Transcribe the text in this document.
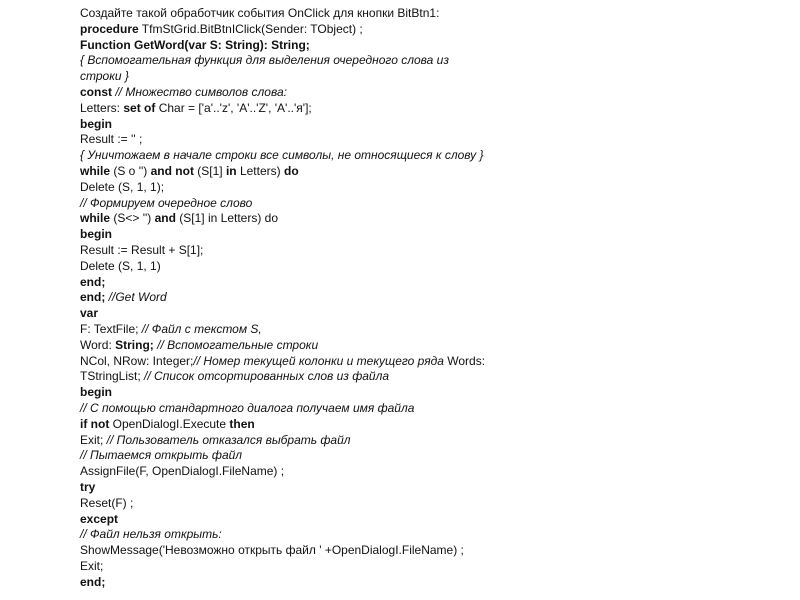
Создайте такой обработчик события OnClick для кнопки BitBtn1:
procedure TfmStGrid.BitBtnIClick(Sender: TObject) ;
Function GetWord(var S: String): String;
{ Вспомогательная функция для выделения очередного слова из
строки }
const // Множество символов слова:
Letters: set of Char = ['a'..'z', 'A'..'Z', 'A'..'я'];
begin
Result := '' ;
{ Уничтожаем в начале строки все символы, не относящиеся к слову }
while (S o '') and not (S[1] in Letters) do
Delete (S, 1, 1);
// Формируем очередное слово
while (S<> '') and (S[1] in Letters) do
begin
Result := Result + S[1];
Delete (S, 1, 1)
end;
end; //Get Word
var
F: TextFile; // Файл с текстом S,
Word: String; // Вспомогательные строки
NCol, NRow: Integer;// Номер текущей колонки и текущего ряда Words:
TStringList; // Список отсортированных слов из файла
begin
// С помощью стандартного диалога получаем имя файла
if not OpenDialogI.Execute then
Exit; // Пользователь отказался выбрать файл
// Пытаемся открыть файл
AssignFile(F, OpenDialogI.FileName) ;
try
Reset(F) ;
except
// Файл нельзя открыть:
ShowMessage('Невозможно открыть файл ' +OpenDialogI.FileName) ;
Exit;
end;
